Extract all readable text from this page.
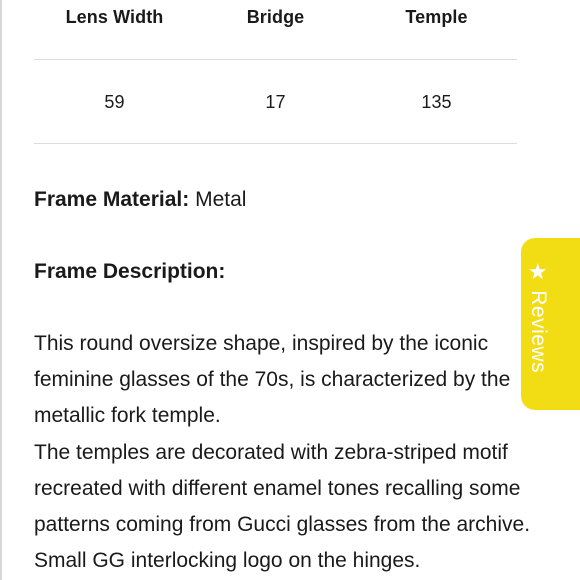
Lens Width	Bridge	Temple
59	17	135
Frame Material: Metal
Frame Description:

This round oversize shape, inspired by the iconic feminine glasses of the 70s, is characterized by the metallic fork temple.

The temples are decorated with zebra-striped motif recreated with different enamel tones recalling some patterns coming from Gucci glasses from the archive. Small GG interlocking logo on the hinges.

★
Reviews
